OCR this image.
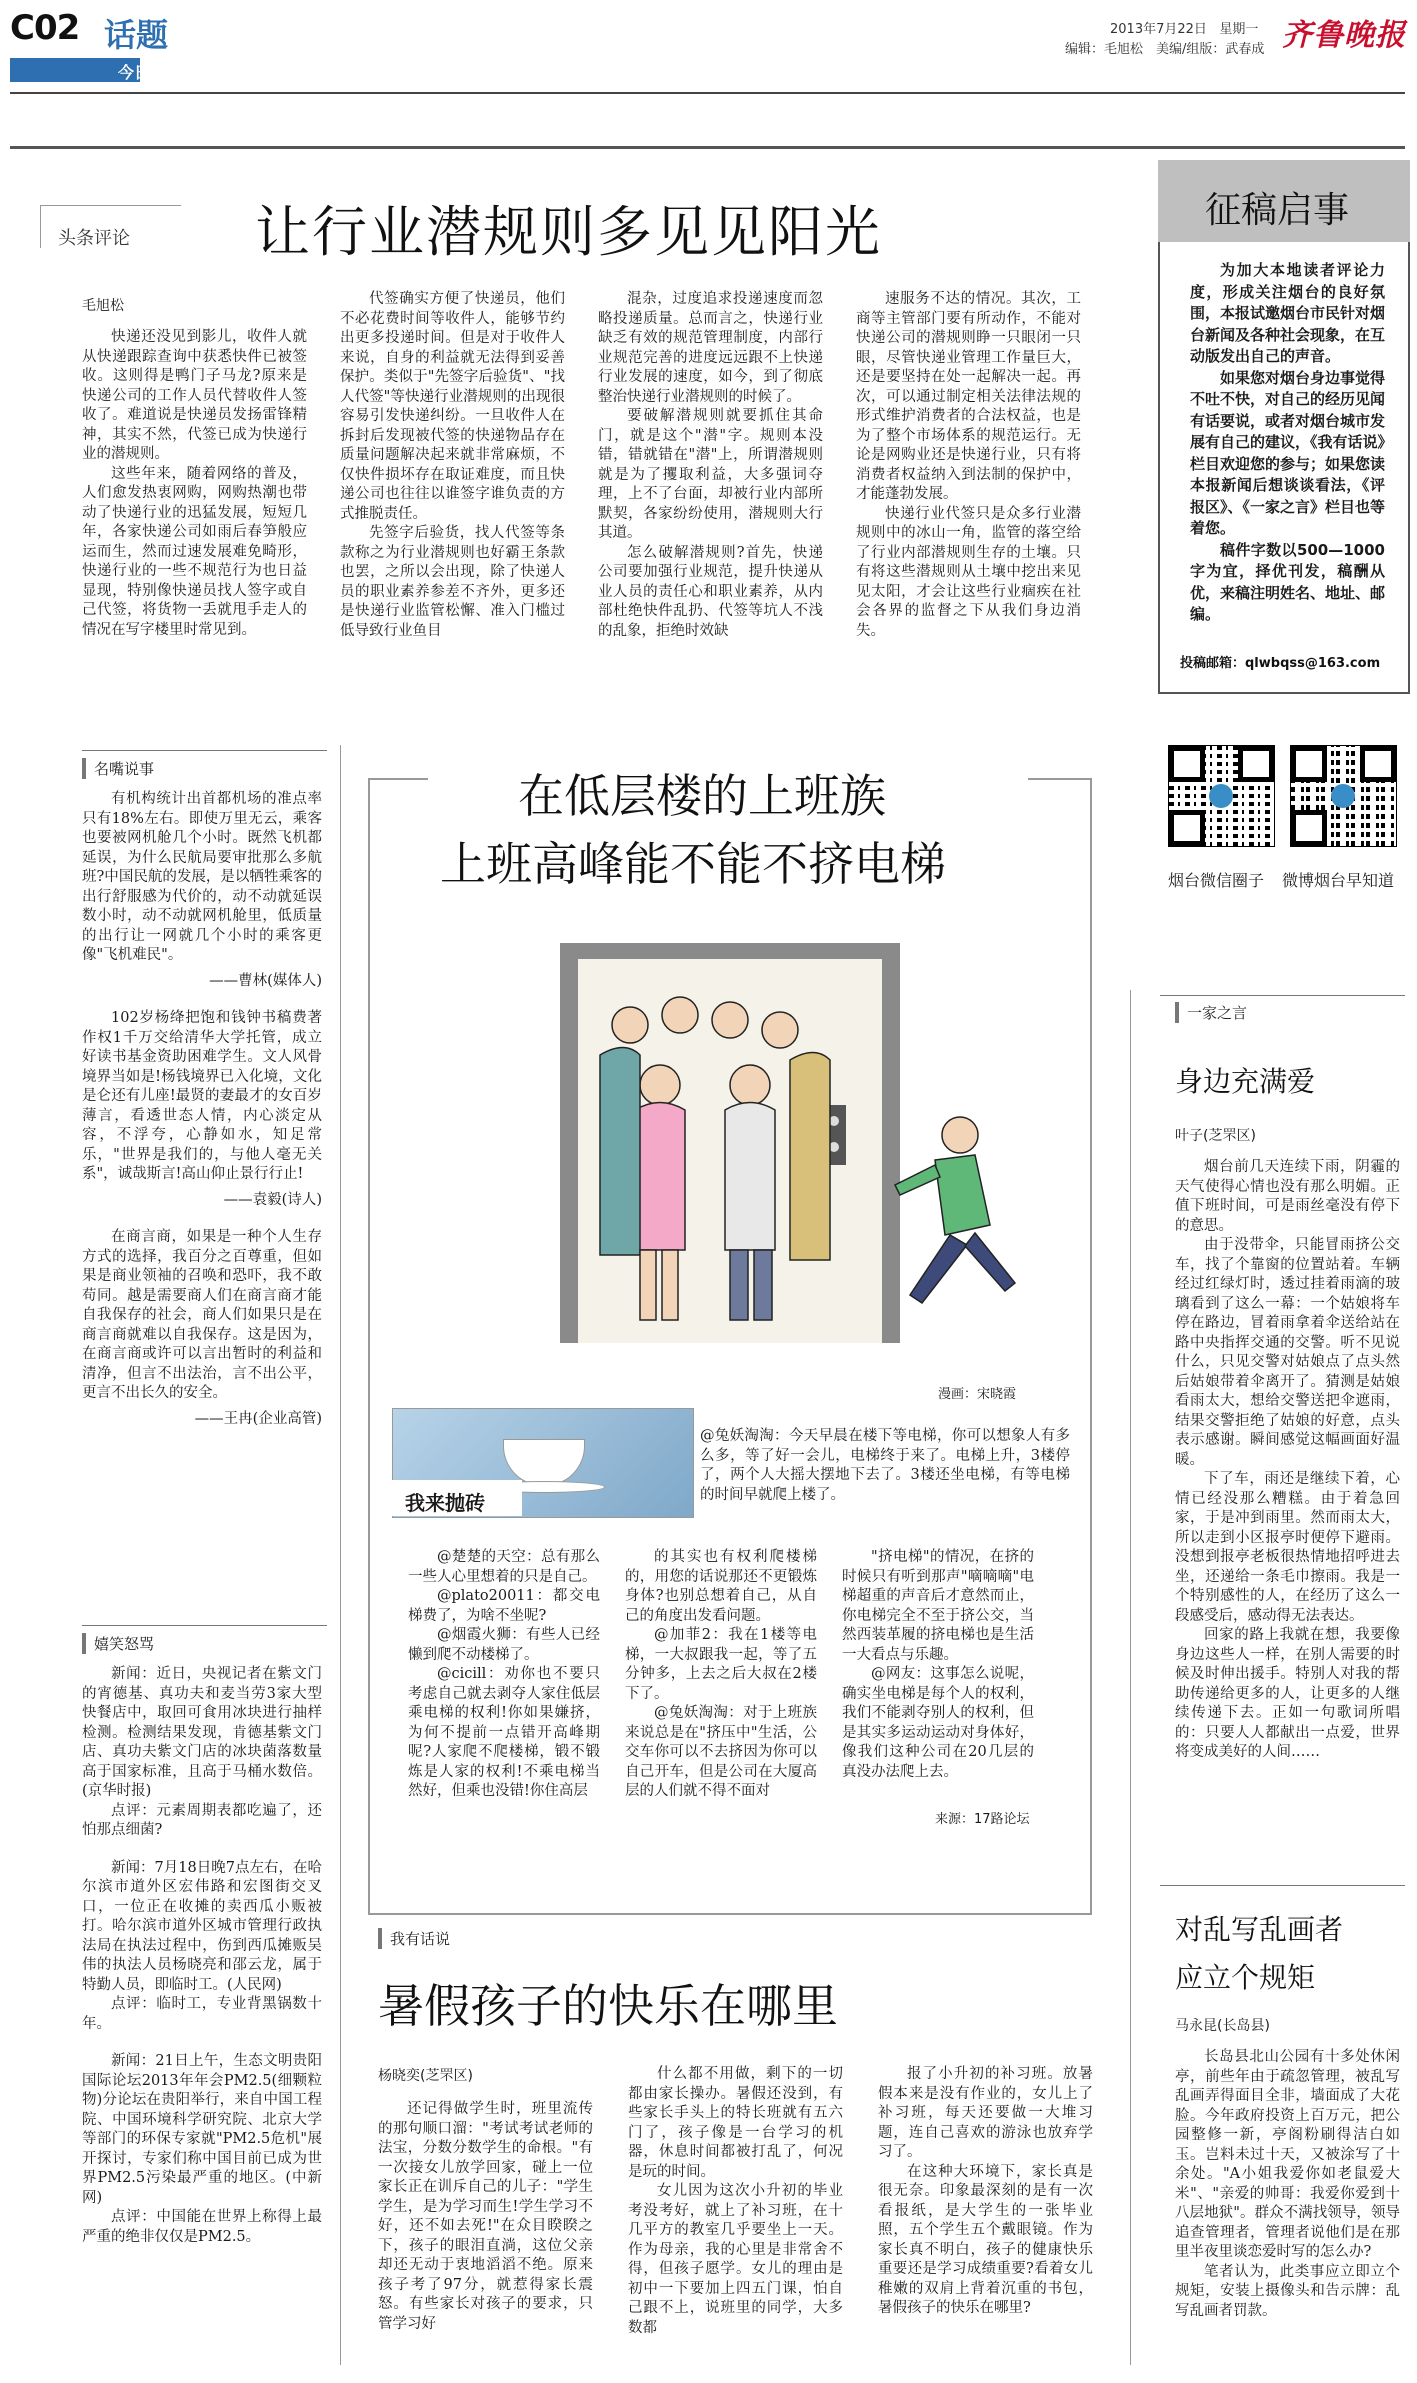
C02 话题
今日烟台
2013年7月22日 星期一
编辑：毛旭松　美编/组版：武春成 齐鲁晚报
头条评论 让行业潜规则多见见阳光
毛旭松

快递还没见到影儿，收件人就从快递跟踪查询中获悉快件已被签收。这则得是鸭门子马龙?原来是快递公司的工作人员代替收件人签收了。难道说是快递员发扬雷锋精神，其实不然，代签已成为快递行业的潜规则。

这些年来，随着网络的普及，人们愈发热衷网购，网购热潮也带动了快递行业的迅猛发展，短短几年，各家快递公司如雨后春笋般应运而生，然而过速发展难免畸形，快递行业的一些不规范行为也日益显现，特别像快递员找人签字或自己代签，将货物一丢就甩手走人的情况在写字楼里时常见到。

代签确实方便了快递员，他们不必花费时间等收件人，能够节约出更多投递时间。但是对于收件人来说，自身的利益就无法得到妥善保护。类似于"先签字后验货"、"找人代签"等快递行业潜规则的出现很容易引发快递纠纷。一旦收件人在拆封后发现被代签的快递物品存在质量问题解决起来就非常麻烦，不仅快件损坏存在取证难度，而且快递公司也往往以谁签字谁负责的方式推脱责任。

先签字后验货，找人代签等条款称之为行业潜规则也好霸王条款也罢，之所以会出现，除了快递人员的职业素养参差不齐外，更多还是快递行业监管松懈、准入门槛过低导致行业鱼目

混杂，过度追求投递速度而忽略投递质量。总而言之，快递行业缺乏有效的规范管理制度，内部行业规范完善的进度远远跟不上快递行业发展的速度，如今，到了彻底整治快递行业潜规则的时候了。

要破解潜规则就要抓住其命门，就是这个"潜"字。规则本没错，错就错在"潜"上，所谓潜规则就是为了攫取利益，大多强词夺理，上不了台面，却被行业内部所默契，各家纷纷使用，潜规则大行其道。

怎么破解潜规则?首先，快递公司要加强行业规范，提升快递从业人员的责任心和职业素养，从内部杜绝快件乱扔、代签等坑人不浅的乱象，拒绝时效缺

速服务不达的情况。其次，工商等主管部门要有所动作，不能对快递公司的潜规则睁一只眼闭一只眼，尽管快递业管理工作量巨大，还是要坚持在处一起解决一起。再次，可以通过制定相关法律法规的形式维护消费者的合法权益，也是为了整个市场体系的规范运行。无论是网购业还是快递行业，只有将消费者权益纳入到法制的保护中，才能蓬勃发展。

快递行业代签只是众多行业潜规则中的冰山一角，监管的落空给了行业内部潜规则生存的土壤。只有将这些潜规则从土壤中挖出来见见太阳，才会让这些行业痼疾在社会各界的监督之下从我们身边消失。

征稿启事

为加大本地读者评论力度，形成关注烟台的良好氛围，本报试邀烟台市民针对烟台新闻及各种社会现象，在互动版发出自己的声音。

如果您对烟台身边事觉得不吐不快，对自己的经历见闻有话要说，或者对烟台城市发展有自己的建议，《我有话说》栏目欢迎您的参与；如果您读本报新闻后想谈谈看法，《评报区》、《一家之言》栏目也等着您。

稿件字数以500—1000字为宜，择优刊发，稿酬从优，来稿注明姓名、地址、邮编。

投稿邮箱：qlwbqss@163.com
烟台微信圈子 微博烟台早知道
名嘴说事

有机构统计出首都机场的准点率只有18%左右。即使万里无云，乘客也要被网机舱几个小时。既然飞机都延误，为什么民航局要审批那么多航班?中国民航的发展，是以牺牲乘客的出行舒服感为代价的，动不动就延误数小时，动不动就网机舱里，低质量的出行让一网就几个小时的乘客更像"飞机难民"。

——曹林(媒体人)

102岁杨绛把饱和钱钟书稿费著作权1千万交给清华大学托管，成立好读书基金资助困难学生。文人风骨境界当如是!杨钱境界已入化境，文化是仑还有儿座!最贤的妻最才的女百岁薄言，看透世态人情，内心淡定从容，不浮夸，心静如水，知足常乐，"世界是我们的，与他人毫无关系"，诚哉斯言!高山仰止景行行止!

——袁毅(诗人)

在商言商，如果是一种个人生存方式的选择，我百分之百尊重，但如果是商业领袖的召唤和恐吓，我不敢苟同。越是需要商人们在商言商才能自我保存的社会，商人们如果只是在商言商就难以自我保存。这是因为，在商言商或许可以言出暂时的利益和清净，但言不出法治，言不出公平，更言不出长久的安全。

——王冉(企业高管)
嬉笑怒骂

新闻：近日，央视记者在紫文门的宵德基、真功夫和麦当劳3家大型快餐店中，取回可食用冰块进行抽样检测。检测结果发现，肯德基紫文门店、真功夫紫文门店的冰块菌落数量高于国家标准，且高于马桶水数倍。(京华时报)

点评：元素周期表都吃遍了，还怕那点细菌?

新闻：7月18日晚7点左右，在哈尔滨市道外区宏伟路和宏图街交叉口，一位正在收摊的卖西瓜小贩被打。哈尔滨市道外区城市管理行政执法局在执法过程中，伤到西瓜摊贩吴伟的执法人员杨晓亮和邵云龙，属于特勤人员，即临时工。(人民网)

点评：临时工，专业背黑锅数十年。

新闻：21日上午，生态文明贵阳国际论坛2013年年会PM2.5(细颗粒物)分论坛在贵阳举行，来自中国工程院、中国环境科学研究院、北京大学等部门的环保专家就"PM2.5危机"展开探讨，专家们称中国目前已成为世界PM2.5污染最严重的地区。(中新网)

点评：中国能在世界上称得上最严重的绝非仅仅是PM2.5。

在低层楼的上班族
上班高峰能不能不挤电梯
漫画：宋晓霞
我来抛砖
@兔妖淘淘：今天早晨在楼下等电梯，你可以想象人有多么多，等了好一会儿，电梯终于来了。电梯上升，3楼停了，两个人大摇大摆地下去了。3楼还坐电梯，有等电梯的时间早就爬上楼了。

@楚楚的天空：总有那么一些人心里想着的只是自己。

@plato20011：都交电梯费了，为啥不坐呢?

@烟霞火狮：有些人已经懒到爬不动楼梯了。

@cicill：劝你也不要只考虑自己就去剥夺人家住低层乘电梯的权利!你如果嫌挤，为何不提前一点错开高峰期呢?人家爬不爬楼梯，锻不锻炼是人家的权利!不乘电梯当然好，但乘也没错!你住高层

的其实也有权利爬楼梯的，用您的话说那还不更锻炼身体?也别总想着自己，从自己的角度出发看问题。

@加菲2：我在1楼等电梯，一大叔跟我一起，等了五分钟多，上去之后大叔在2楼下了。

@兔妖淘淘：对于上班族来说总是在"挤压中"生活，公交车你可以不去挤因为你可以自己开车，但是公司在大厦高层的人们就不得不面对

"挤电梯"的情况，在挤的时候只有听到那声"嘀嘀嘀"电梯超重的声音后才意然而止，你电梯完全不至于挤公交，当然西装革履的挤电梯也是生活一大看点与乐趣。

@网友：这事怎么说呢，确实坐电梯是每个人的权利，我们不能剥夺别人的权利，但是其实多运动运动对身体好，像我们这种公司在20几层的真没办法爬上去。

来源：17路论坛
我有话说
暑假孩子的快乐在哪里
杨晓奕(芝罘区)

还记得做学生时，班里流传的那句顺口溜："考试考试老师的法宝，分数分数学生的命根。"有一次接女儿放学回家，碰上一位家长正在训斥自己的儿子："学生学生，是为学习而生!学生学习不好，还不如去死!"在众目睽睽之下，孩子的眼泪直淌，这位父亲却还无动于衷地滔滔不绝。原来孩子考了97分，就惹得家长震怒。有些家长对孩子的要求，只管学习好

什么都不用做，剩下的一切都由家长操办。暑假还没到，有些家长手头上的特长班就有五六门了，孩子像是一台学习的机器，休息时间都被打乱了，何况是玩的时间。

女儿因为这次小升初的毕业考没考好，就上了补习班，在十几平方的教室几乎要坐上一天。作为母亲，我的心里是非常舍不得，但孩子愿学。女儿的理由是初中一下要加上四五门课，怕自己跟不上，说班里的同学，大多数都

报了小升初的补习班。放暑假本来是没有作业的，女儿上了补习班，每天还要做一大堆习题，连自己喜欢的游泳也放弃学习了。

在这种大环境下，家长真是很无奈。印象最深刻的是有一次看报纸，是大学生的一张毕业照，五个学生五个戴眼镜。作为家长真不明白，孩子的健康快乐重要还是学习成绩重要?看着女儿稚嫩的双肩上背着沉重的书包，暑假孩子的快乐在哪里?

一家之言
身边充满爱
叶子(芝罘区)

烟台前几天连续下雨，阴霾的天气使得心情也没有那么明媚。正值下班时间，可是雨丝毫没有停下的意思。

由于没带伞，只能冒雨挤公交车，找了个靠窗的位置站着。车辆经过红绿灯时，透过挂着雨滴的玻璃看到了这么一幕：一个姑娘将车停在路边，冒着雨拿着伞送给站在路中央指挥交通的交警。听不见说什么，只见交警对姑娘点了点头然后姑娘带着伞离开了。猜测是姑娘看雨太大，想给交警送把伞遮雨，结果交警拒绝了姑娘的好意，点头表示感谢。瞬间感觉这幅画面好温暖。

下了车，雨还是继续下着，心情已经没那么糟糕。由于着急回家，于是冲到雨里。然而雨太大，所以走到小区报亭时便停下避雨。没想到报亭老板很热情地招呼进去坐，还递给一条毛巾擦雨。我是一个特别感性的人，在经历了这么一段感受后，感动得无法表达。

回家的路上我就在想，我要像身边这些人一样，在别人需要的时候及时伸出援手。特别人对我的帮助传递给更多的人，让更多的人继续传递下去。正如一句歌词所唱的：只要人人都献出一点爱，世界将变成美好的人间……

对乱写乱画者
应立个规矩
马永昆(长岛县)

长岛县北山公园有十多处休闲亭，前些年由于疏忽管理，被乱写乱画弄得面目全非，墙面成了大花脸。今年政府投资上百万元，把公园整修一新，亭阁粉刷得洁白如玉。岂料未过十天，又被涂写了十余处。"A小姐我爱你如老鼠爱大米"、"亲爱的帅哥：我爱你爱到十八层地狱"。群众不满找领导，领导追查管理者，管理者说他们是在那里半夜里谈恋爱时写的怎么办?

笔者认为，此类事应立即立个规矩，安装上摄像头和告示牌：乱写乱画者罚款。
